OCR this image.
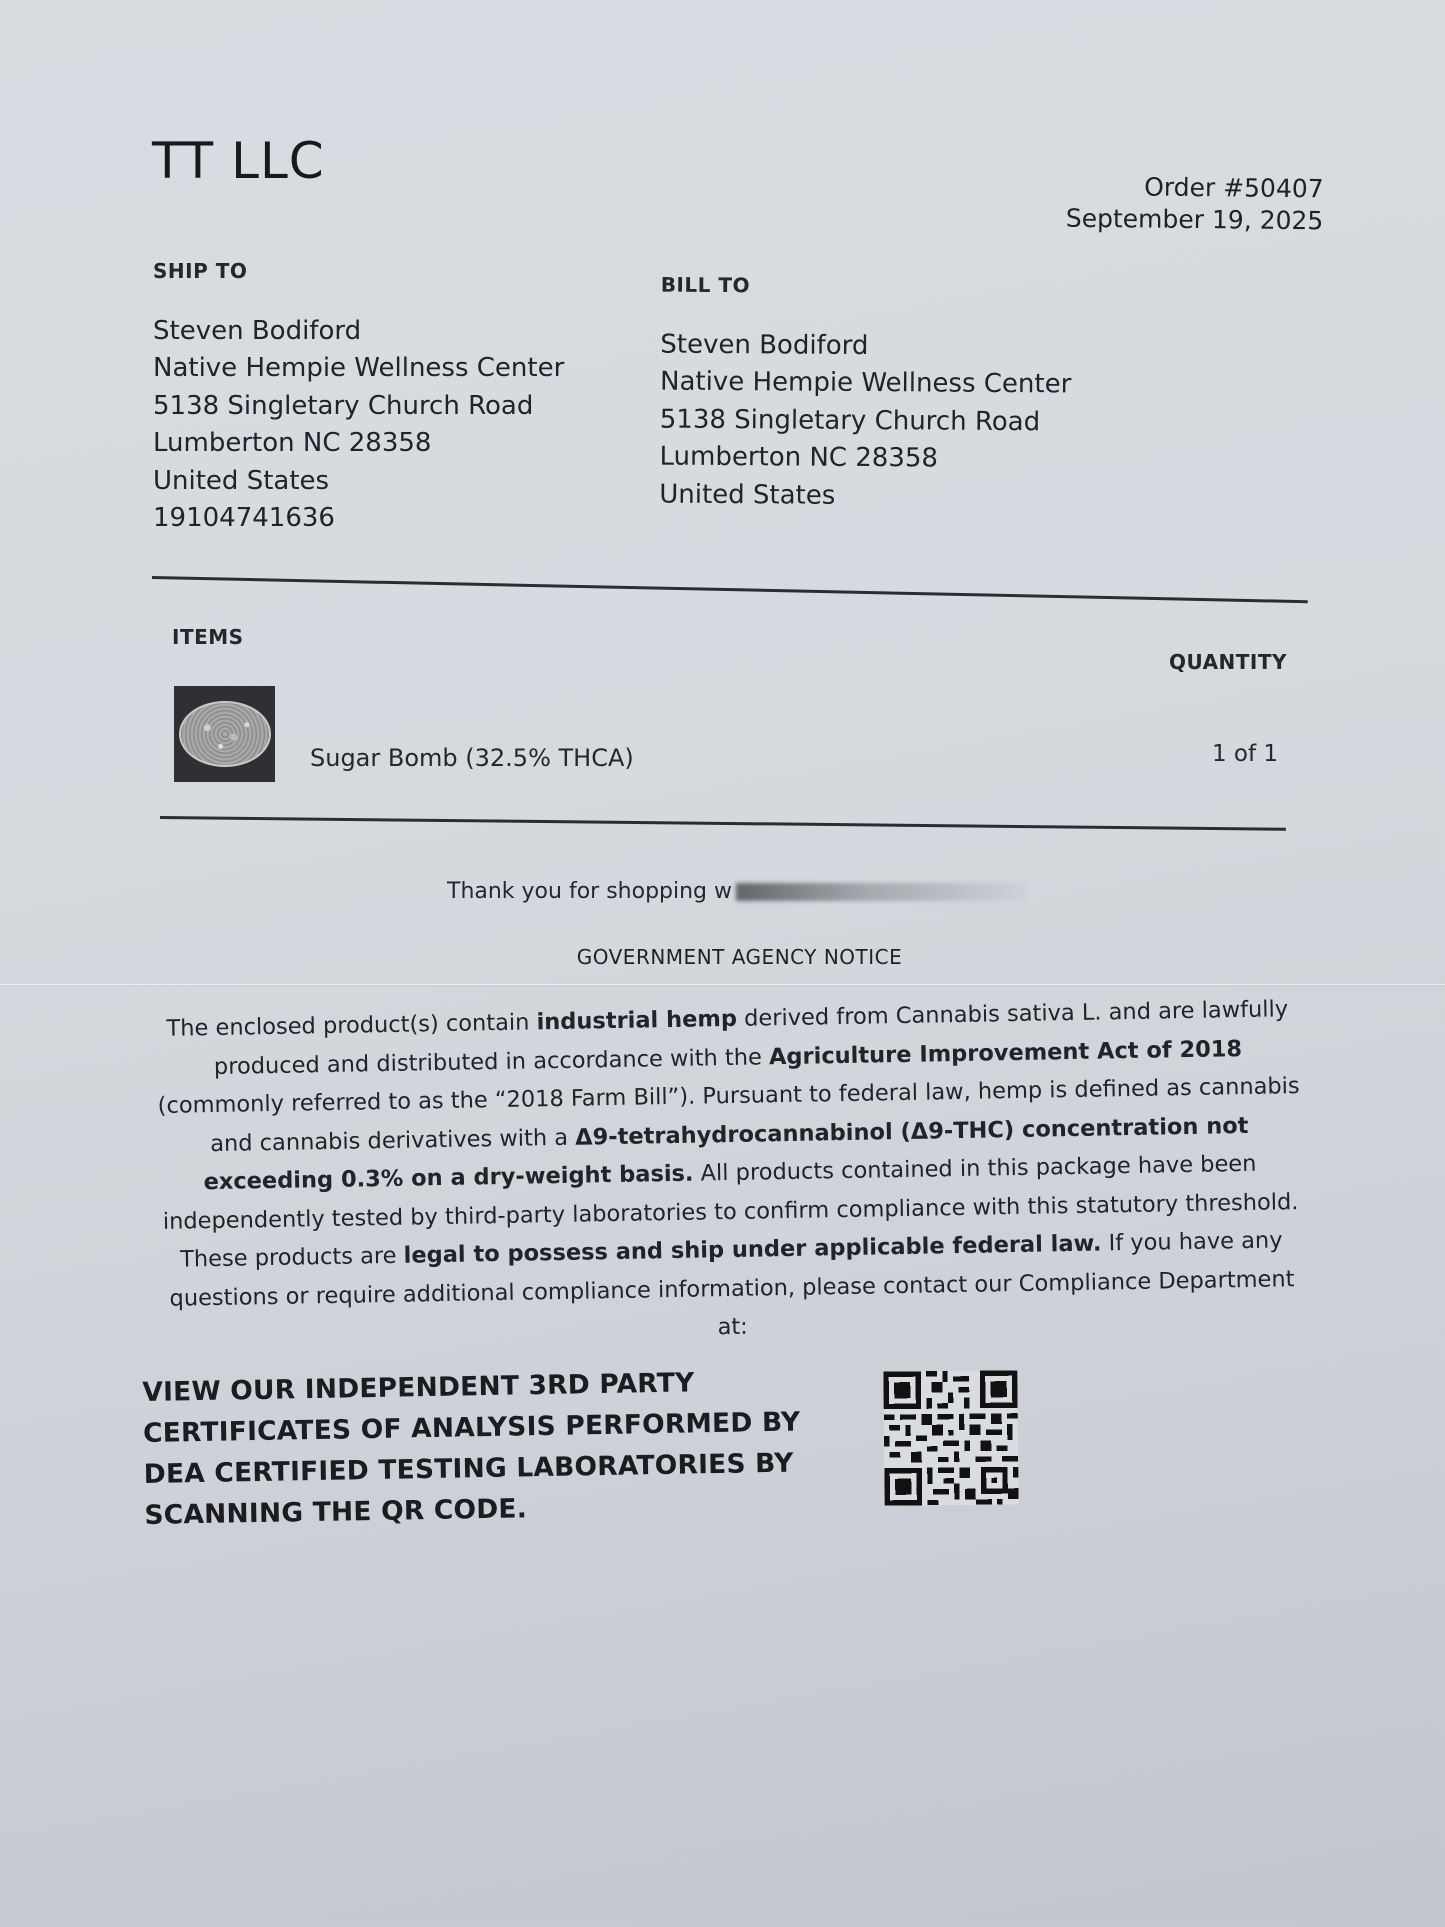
TT LLC	Order #50407
September 19, 2025
SHIP TO
Steven Bodiford
Native Hempie Wellness Center
5138 Singletary Church Road
Lumberton NC 28358
United States
19104741636
BILL TO
Steven Bodiford
Native Hempie Wellness Center
5138 Singletary Church Road
Lumberton NC 28358
United States
ITEMS
QUANTITY
Sugar Bomb (32.5% THCA)	1 of 1
Thank you for shopping w
GOVERNMENT AGENCY NOTICE
The enclosed product(s) contain industrial hemp derived from Cannabis sativa L. and are lawfully produced and distributed in accordance with the Agriculture Improvement Act of 2018 (commonly referred to as the “2018 Farm Bill”). Pursuant to federal law, hemp is defined as cannabis and cannabis derivatives with a Δ9-tetrahydrocannabinol (Δ9-THC) concentration not exceeding 0.3% on a dry-weight basis. All products contained in this package have been independently tested by third-party laboratories to confirm compliance with this statutory threshold. These products are legal to possess and ship under applicable federal law. If you have any questions or require additional compliance information, please contact our Compliance Department at:
VIEW OUR INDEPENDENT 3RD PARTY CERTIFICATES OF ANALYSIS PERFORMED BY DEA CERTIFIED TESTING LABORATORIES BY SCANNING THE QR CODE.
